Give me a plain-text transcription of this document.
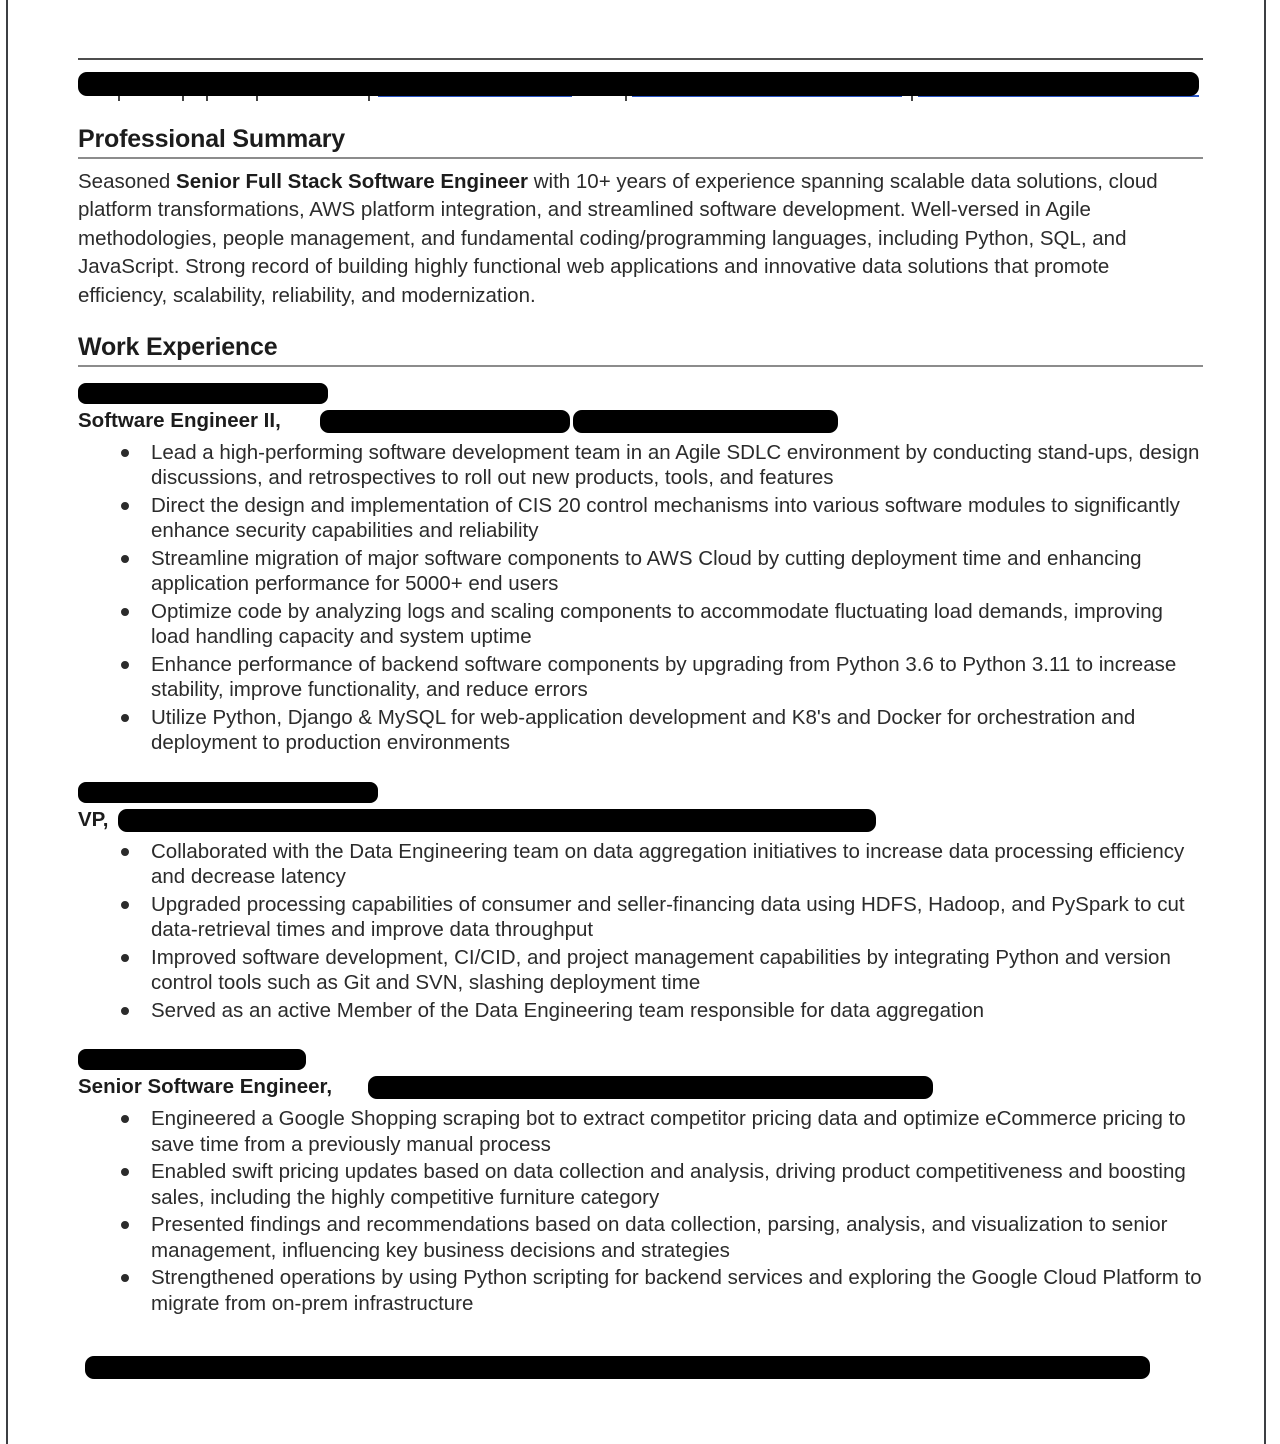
Professional Summary

Seasoned Senior Full Stack Software Engineer with 10+ years of experience spanning scalable data solutions, cloud platform transformations, AWS platform integration, and streamlined software development. Well-versed in Agile methodologies, people management, and fundamental coding/programming languages, including Python, SQL, and JavaScript. Strong record of building highly functional web applications and innovative data solutions that promote efficiency, scalability, reliability, and modernization.

Work Experience
Software Engineer II,
Lead a high-performing software development team in an Agile SDLC environment by conducting stand-ups, design discussions, and retrospectives to roll out new products, tools, and features
Direct the design and implementation of CIS 20 control mechanisms into various software modules to significantly enhance security capabilities and reliability
Streamline migration of major software components to AWS Cloud by cutting deployment time and enhancing application performance for 5000+ end users
Optimize code by analyzing logs and scaling components to accommodate fluctuating load demands, improving load handling capacity and system uptime
Enhance performance of backend software components by upgrading from Python 3.6 to Python 3.11 to increase stability, improve functionality, and reduce errors
Utilize Python, Django & MySQL for web-application development and K8's and Docker for orchestration and deployment to production environments
VP,
Collaborated with the Data Engineering team on data aggregation initiatives to increase data processing efficiency and decrease latency
Upgraded processing capabilities of consumer and seller-financing data using HDFS, Hadoop, and PySpark to cut data-retrieval times and improve data throughput
Improved software development, CI/CID, and project management capabilities by integrating Python and version control tools such as Git and SVN, slashing deployment time
Served as an active Member of the Data Engineering team responsible for data aggregation
Senior Software Engineer,
Engineered a Google Shopping scraping bot to extract competitor pricing data and optimize eCommerce pricing to save time from a previously manual process
Enabled swift pricing updates based on data collection and analysis, driving product competitiveness and boosting sales, including the highly competitive furniture category
Presented findings and recommendations based on data collection, parsing, analysis, and visualization to senior management, influencing key business decisions and strategies
Strengthened operations by using Python scripting for backend services and exploring the Google Cloud Platform to migrate from on-prem infrastructure
